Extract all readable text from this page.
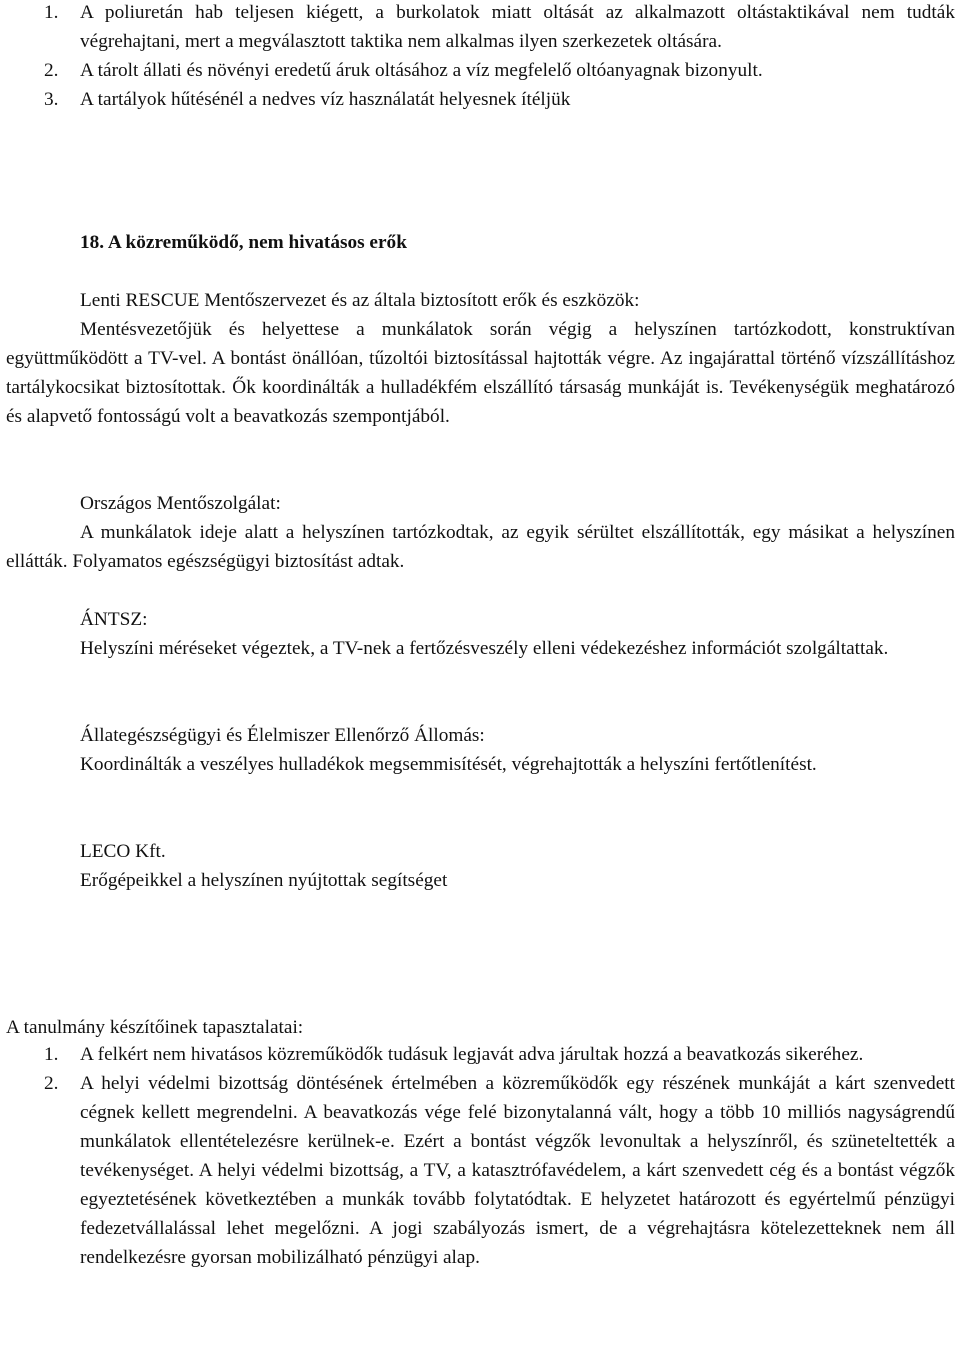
1. A poliuretán hab teljesen kiégett, a burkolatok miatt oltását az alkalmazott oltástaktikával nem tudták végrehajtani, mert a megválasztott taktika nem alkalmas ilyen szerkezetek oltására.
2. A tárolt állati és növényi eredetű áruk oltásához a víz megfelelő oltóanyagnak bizonyult.
3. A tartályok hűtésénél a nedves víz használatát helyesnek ítéljük
18. A közreműködő, nem hivatásos erők
Lenti RESCUE Mentőszervezet és az általa biztosított erők és eszközök:
Mentésvezetőjük és helyettese a munkálatok során végig a helyszínen tartózkodott, konstruktívan együttműködött a TV-vel. A bontást önállóan, tűzoltói biztosítással hajtották végre. Az ingajárattal történő vízszállításhoz tartálykocsikat biztosítottak. Ők koordinálták a hulladékfém elszállító társaság munkáját is. Tevékenységük meghatározó és alapvető fontosságú volt a beavatkozás szempontjából.
Országos Mentőszolgálat:
A munkálatok ideje alatt a helyszínen tartózkodtak, az egyik sérültet elszállították, egy másikat a helyszínen ellátták. Folyamatos egészségügyi biztosítást adtak.
ÁNTSZ:
Helyszíni méréseket végeztek, a TV-nek a fertőzésveszély elleni védekezéshez információt szolgáltattak.
Állategészségügyi és Élelmiszer Ellenőrző Állomás:
Koordinálták a veszélyes hulladékok megsemmisítését, végrehajtották a helyszíni fertőtlenítést.
LECO Kft.
Erőgépeikkel a helyszínen nyújtottak segítséget
A tanulmány készítőinek tapasztalatai:
1. A felkért nem hivatásos közreműködők tudásuk legjavát adva járultak hozzá a beavatkozás sikeréhez.
2. A helyi védelmi bizottság döntésének értelmében a közreműködők egy részének munkáját a kárt szenvedett cégnek kellett megrendelni. A beavatkozás vége felé bizonytalanná vált, hogy a több 10 milliós nagyságrendű munkálatok ellentételezésre kerülnek-e. Ezért a bontást végzők levonultak a helyszínről, és szüneteltették a tevékenységet. A helyi védelmi bizottság, a TV, a katasztrófavédelem, a kárt szenvedett cég és a bontást végzők egyeztetésének következtében a munkák tovább folytatódtak. E helyzetet határozott és egyértelmű pénzügyi fedezetvállalással lehet megelőzni. A jogi szabályozás ismert, de a végrehajtásra kötelezetteknek nem áll rendelkezésre gyorsan mobilizálható pénzügyi alap.
